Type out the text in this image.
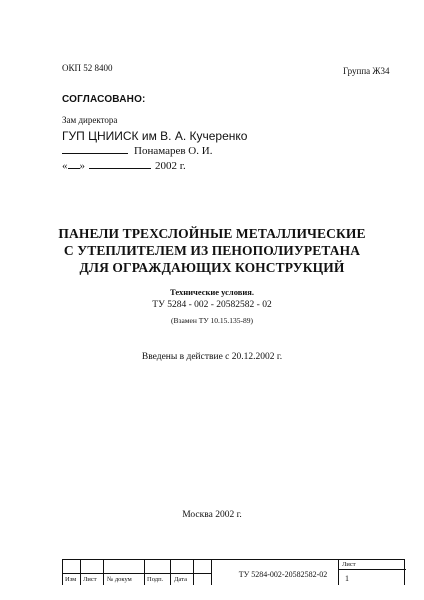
ОКП 52 8400	Группа Ж34
СОГЛАСОВАНО:
Зам директора
ГУП ЦНИИСК им В. А. Кучеренко
Понамарев О. И.
« »	2002 г.
ПАНЕЛИ ТРЕХСЛОЙНЫЕ МЕТАЛЛИЧЕСКИЕ
С УТЕПЛИТЕЛЕМ ИЗ ПЕНОПОЛИУРЕТАНА
ДЛЯ ОГРАЖДАЮЩИХ КОНСТРУКЦИЙ
Технические условия.
ТУ 5284 - 002 - 20582582 - 02
(Взамен ТУ 10.15.135-89)
Введены в действие с 20.12.2002 г.
Москва 2002 г.
Изм Лист № докум Подп. Дата
ТУ 5284-002-20582582-02
Лист
1
